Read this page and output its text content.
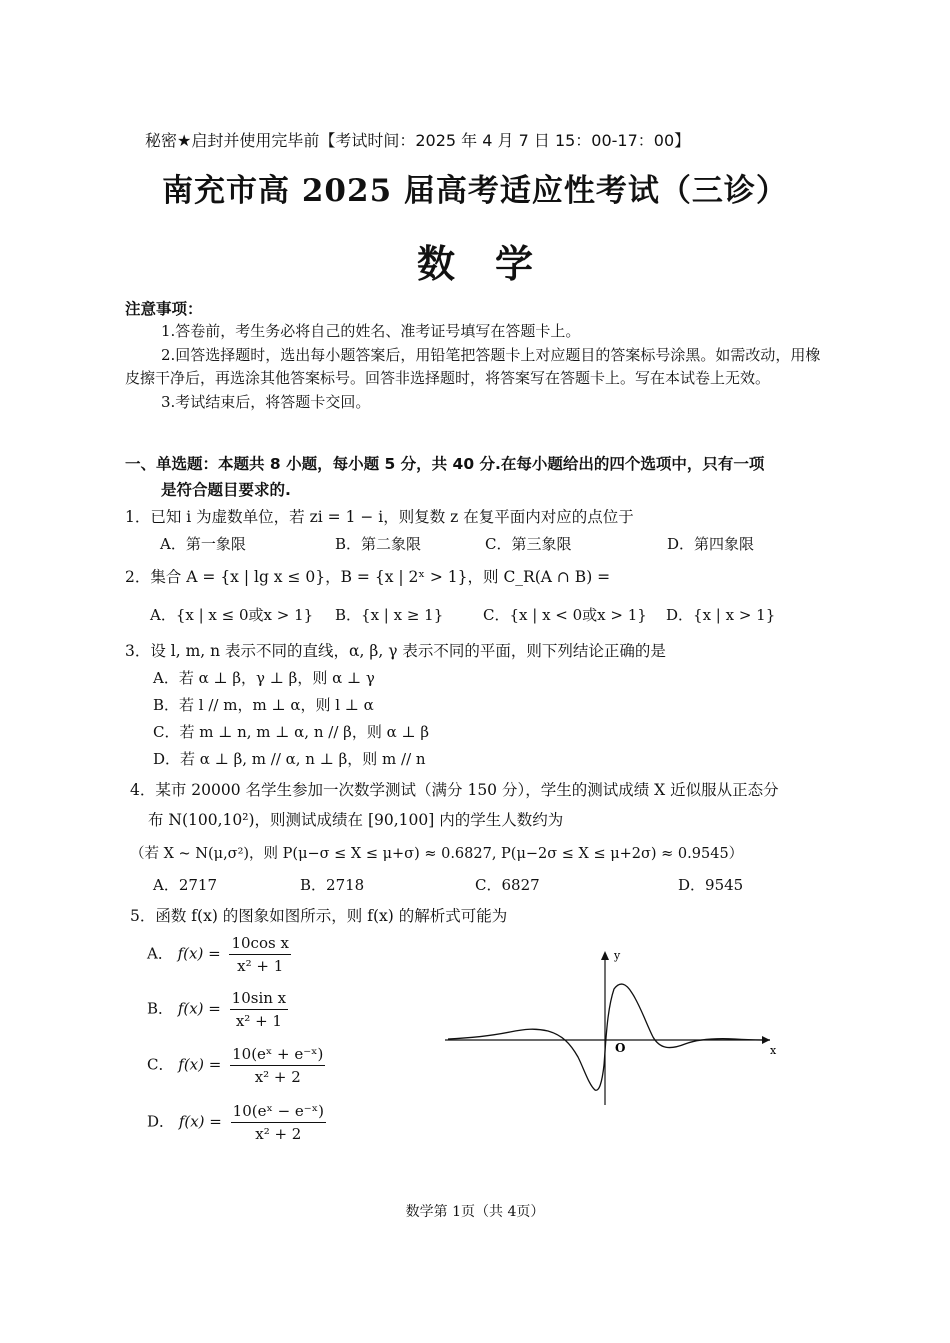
秘密★启封并使用完毕前【考试时间：2025 年 4 月 7 日 15：00-17：00】
南充市高 2025 届高考适应性考试（三诊）
数学
注意事项：

1.答卷前，考生务必将自己的姓名、准考证号填写在答题卡上。

2.回答选择题时，选出每小题答案后，用铅笔把答题卡上对应题目的答案标号涂黑。如需改动，用橡皮擦干净后，再选涂其他答案标号。回答非选择题时，将答案写在答题卡上。写在本试卷上无效。

3.考试结束后，将答题卡交回。

一、单选题：本题共 8 小题，每小题 5 分，共 40 分.在每小题给出的四个选项中，只有一项
是符合题目要求的.
1．已知 i 为虚数单位，若 zi = 1 − i，则复数 z 在复平面内对应的点位于
A．第一象限	B．第二象限	C．第三象限	D．第四象限
2．集合 A = {x | lg x ≤ 0}，B = {x | 2ˣ > 1}，则 C_R(A ∩ B) =
A．{x | x ≤ 0或x > 1} B．{x | x ≥ 1}	C．{x | x < 0或x > 1} D．{x | x > 1}
3．设 l, m, n 表示不同的直线，α, β, γ 表示不同的平面，则下列结论正确的是
A．若 α ⊥ β，γ ⊥ β，则 α ⊥ γ
B．若 l // m，m ⊥ α，则 l ⊥ α
C．若 m ⊥ n, m ⊥ α, n // β，则 α ⊥ β
D．若 α ⊥ β, m // α, n ⊥ β，则 m // n
4．某市 20000 名学生参加一次数学测试（满分 150 分），学生的测试成绩 X 近似服从正态分
布 N(100,10²)，则测试成绩在 [90,100] 内的学生人数约为
（若 X ~ N(μ,σ²)，则 P(μ−σ ≤ X ≤ μ+σ) ≈ 0.6827, P(μ−2σ ≤ X ≤ μ+2σ) ≈ 0.9545）
A．2717	B．2718	C．6827	D．9545
5．函数 f(x) 的图象如图所示，则 f(x) 的解析式可能为
A． $f(x) = \frac{\text{10cos x}}{\text{x² + 1}}$
B． $f(x) = \frac{\text{10sin x}}{\text{x² + 1}}$
C． $f(x) = \frac{\text{10(eˣ + e⁻ˣ)}}{\text{x² + 2}}$
D． $f(x) = \frac{\text{10(eˣ − e⁻ˣ)}}{\text{x² + 2}}$
y
x
O
数学第 1页（共 4页）
